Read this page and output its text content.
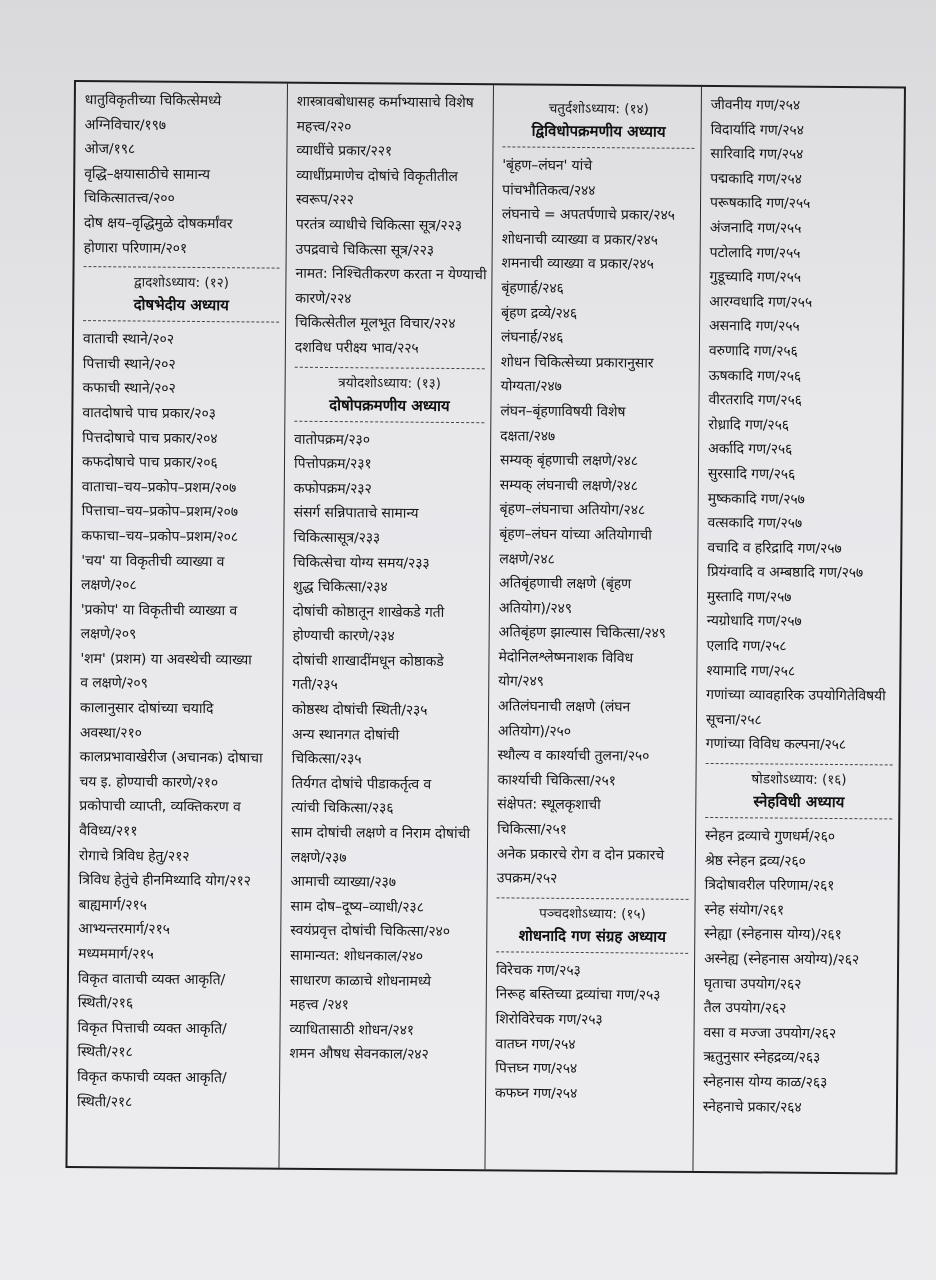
धातुविकृतीच्या चिकित्सेमध्ये
अग्निविचार/१९७
ओज/१९८
वृद्धि–क्षयासाठीचे सामान्य
चिकित्सातत्त्व/२००
दोष क्षय–वृद्धिमुळे दोषकर्मांवर
होणारा परिणाम/२०१
द्वादशोऽध्याय: (१२)
दोषभेदीय अध्याय
वाताची स्थाने/२०२
पित्ताची स्थाने/२०२
कफाची स्थाने/२०२
वातदोषाचे पाच प्रकार/२०३
पित्तदोषाचे पाच प्रकार/२०४
कफदोषाचे पाच प्रकार/२०६
वाताचा–चय–प्रकोप–प्रशम/२०७
पित्ताचा–चय–प्रकोप–प्रशम/२०७
कफाचा–चय–प्रकोप–प्रशम/२०८
'चय' या विकृतीची व्याख्या व
लक्षणे/२०८
'प्रकोप' या विकृतीची व्याख्या व
लक्षणे/२०९
'शम' (प्रशम) या अवस्थेची व्याख्या
व लक्षणे/२०९
कालानुसार दोषांच्या चयादि
अवस्था/२१०
कालप्रभावाखेरीज (अचानक) दोषाचा
चय इ. होण्याची कारणे/२१०
प्रकोपाची व्याप्ती, व्यक्तिकरण व
वैविध्य/२११
रोगाचे त्रिविध हेतु/२१२
त्रिविध हेतुंचे हीनमिथ्यादि योग/२१२
बाह्यमार्ग/२१५
आभ्यन्तरमार्ग/२१५
मध्यममार्ग/२१५
विकृत वाताची व्यक्त आकृति/
स्थिती/२१६
विकृत पित्ताची व्यक्त आकृति/
स्थिती/२१८
विकृत कफाची व्यक्त आकृति/
स्थिती/२१८
शास्त्रावबोधासह कर्माभ्यासाचे विशेष
महत्त्व/२२०
व्याधींचे प्रकार/२२१
व्याधींप्रमाणेच दोषांचे विकृतीतील
स्वरूप/२२२
परतंत्र व्याधीचे चिकित्सा सूत्र/२२३
उपद्रवाचे चिकित्सा सूत्र/२२३
नामत: निश्चितीकरण करता न येण्याची
कारणे/२२४
चिकित्सेतील मूलभूत विचार/२२४
दशविध परीक्ष्य भाव/२२५
त्रयोदशोऽध्याय: (१३)
दोषोपक्रमणीय अध्याय
वातोपक्रम/२३०
पित्तोपक्रम/२३१
कफोपक्रम/२३२
संसर्ग सन्निपाताचे सामान्य
चिकित्सासूत्र/२३३
चिकित्सेचा योग्य समय/२३३
शुद्ध चिकित्सा/२३४
दोषांची कोष्ठातून शाखेकडे गती
होण्याची कारणे/२३४
दोषांची शाखादींमधून कोष्ठाकडे
गती/२३५
कोष्ठस्थ दोषांची स्थिती/२३५
अन्य स्थानगत दोषांची
चिकित्सा/२३५
तिर्यगत दोषांचे पीडाकर्तृत्व व
त्यांची चिकित्सा/२३६
साम दोषांची लक्षणे व निराम दोषांची
लक्षणे/२३७
आमाची व्याख्या/२३७
साम दोष–दूष्य–व्याधी/२३८
स्वयंप्रवृत्त दोषांची चिकित्सा/२४०
सामान्यत: शोधनकाल/२४०
साधारण काळाचे शोधनामध्ये
महत्त्व /२४१
व्याधितासाठी शोधन/२४१
शमन औषध सेवनकाल/२४२
चतुर्दशोऽध्याय: (१४)
द्विविधोपक्रमणीय अध्याय
'बृंहण–लंघन' यांचे
पांचभौतिकत्व/२४४
लंघनाचे = अपतर्पणाचे प्रकार/२४५
शोधनाची व्याख्या व प्रकार/२४५
शमनाची व्याख्या व प्रकार/२४५
बृंहणार्ह/२४६
बृंहण द्रव्ये/२४६
लंघनार्ह/२४६
शोधन चिकित्सेच्या प्रकारानुसार
योग्यता/२४७
लंघन–बृंहणाविषयी विशेष
दक्षता/२४७
सम्यक् बृंहणाची लक्षणे/२४८
सम्यक् लंघनाची लक्षणे/२४८
बृंहण–लंघनाचा अतियोग/२४८
बृंहण–लंघन यांच्या अतियोगाची
लक्षणे/२४८
अतिबृंहणाची लक्षणे (बृंहण
अतियोग)/२४९
अतिबृंहण झाल्यास चिकित्सा/२४९
मेदोनिलश्लेष्मनाशक विविध
योग/२४९
अतिलंघनाची लक्षणे (लंघन
अतियोग)/२५०
स्थौल्य व कार्श्याची तुलना/२५०
कार्श्याची चिकित्सा/२५१
संक्षेपत: स्थूलकृशाची
चिकित्सा/२५१
अनेक प्रकारचे रोग व दोन प्रकारचे
उपक्रम/२५२
पञ्चदशोऽध्याय: (१५)
शोधनादि गण संग्रह अध्याय
विरेचक गण/२५३
निरूह बस्तिच्या द्रव्यांचा गण/२५३
शिरोविरेचक गण/२५३
वातघ्न गण/२५४
पित्तघ्न गण/२५४
कफघ्न गण/२५४
जीवनीय गण/२५४
विदार्यादि गण/२५४
सारिवादि गण/२५४
पद्मकादि गण/२५४
परूषकादि गण/२५५
अंजनादि गण/२५५
पटोलादि गण/२५५
गुडूच्यादि गण/२५५
आरग्वधादि गण/२५५
असनादि गण/२५५
वरुणादि गण/२५६
ऊषकादि गण/२५६
वीरतरादि गण/२५६
रोध्रादि गण/२५६
अर्कादि गण/२५६
सुरसादि गण/२५६
मुष्ककादि गण/२५७
वत्सकादि गण/२५७
वचादि व हरिद्रादि गण/२५७
प्रियंग्वादि व अम्बष्ठादि गण/२५७
मुस्तादि गण/२५७
न्यग्रोधादि गण/२५७
एलादि गण/२५८
श्यामादि गण/२५८
गणांच्या व्यावहारिक उपयोगितेविषयी
सूचना/२५८
गणांच्या विविध कल्पना/२५८
षोडशोऽध्याय: (१६)
स्नेहविधी अध्याय
स्नेहन द्रव्याचे गुणधर्म/२६०
श्रेष्ठ स्नेहन द्रव्य/२६०
त्रिदोषावरील परिणाम/२६१
स्नेह संयोग/२६१
स्नेह्या (स्नेहनास योग्य)/२६१
अस्नेह्य (स्नेहनास अयोग्य)/२६२
घृताचा उपयोग/२६२
तैल उपयोग/२६२
वसा व मज्जा उपयोग/२६२
ऋतुनुसार स्नेहद्रव्य/२६३
स्नेहनास योग्य काळ/२६३
स्नेहनाचे प्रकार/२६४
